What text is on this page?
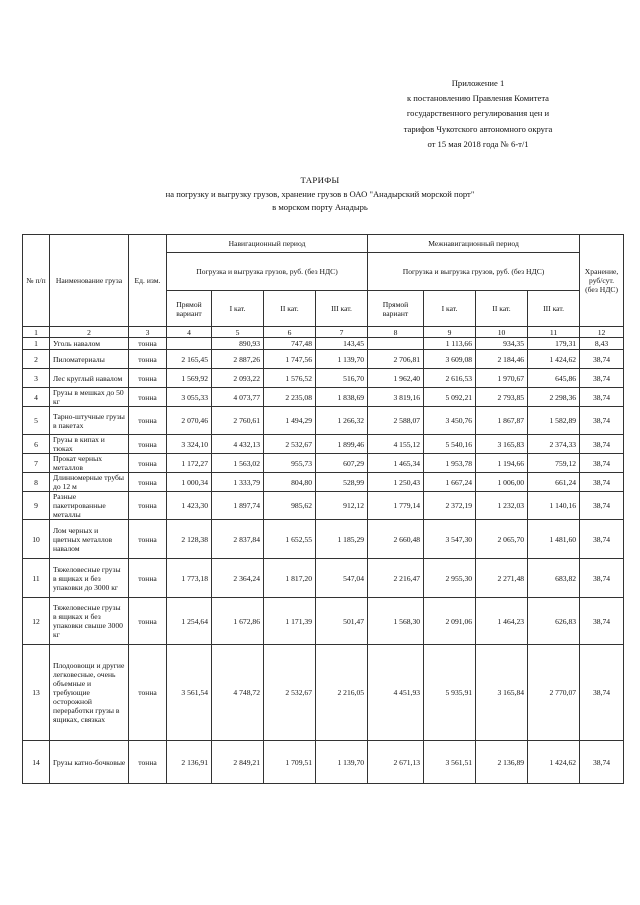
Приложение 1
к постановлению Правления Комитета
государственного регулирования цен и
тарифов Чукотского автономного округа
от 15 мая 2018 года № 6-т/1
ТАРИФЫ
на погрузку и выгрузку грузов, хранение грузов в ОАО "Анадырский морской порт"
в морском порту Анадырь
№ п/п	Наименование груза	Ед. изм.	Навигационный период				Межнавигационный период				Хранение, руб/сут. (без НДС)
			Погрузка и выгрузка грузов, руб. (без НДС)				Погрузка и выгрузка грузов, руб. (без НДС)				
			Прямой вариант	I кат.	II кат.	III кат.	Прямой вариант	I кат.	II кат.	III кат.	
1	2	3	4	5	6	7	8	9	10	11	12
1	Уголь навалом	тонна		890,93	747,48	143,45		1 113,66	934,35	179,31	8,43
2	Пиломатериалы	тонна	2 165,45	2 887,26	1 747,56	1 139,70	2 706,81	3 609,08	2 184,46	1 424,62	38,74
3	Лес круглый навалом	тонна	1 569,92	2 093,22	1 576,52	516,70	1 962,40	2 616,53	1 970,67	645,86	38,74
4	Грузы в мешках до 50 кг	тонна	3 055,33	4 073,77	2 235,08	1 838,69	3 819,16	5 092,21	2 793,85	2 298,36	38,74
5	Тарно-штучные грузы в пакетах	тонна	2 070,46	2 760,61	1 494,29	1 266,32	2 588,07	3 450,76	1 867,87	1 582,89	38,74
6	Грузы в кипах и тюках	тонна	3 324,10	4 432,13	2 532,67	1 899,46	4 155,12	5 540,16	3 165,83	2 374,33	38,74
7	Прокат черных металлов	тонна	1 172,27	1 563,02	955,73	607,29	1 465,34	1 953,78	1 194,66	759,12	38,74
8	Длинномерные трубы до 12 м	тонна	1 000,34	1 333,79	804,80	528,99	1 250,43	1 667,24	1 006,00	661,24	38,74
9	Разные пакетированные металлы	тонна	1 423,30	1 897,74	985,62	912,12	1 779,14	2 372,19	1 232,03	1 140,16	38,74
10	Лом черных и цветных металлов навалом	тонна	2 128,38	2 837,84	1 652,55	1 185,29	2 660,48	3 547,30	2 065,70	1 481,60	38,74
11	Тяжеловесные грузы в ящиках и без упаковки до 3000 кг	тонна	1 773,18	2 364,24	1 817,20	547,04	2 216,47	2 955,30	2 271,48	683,82	38,74
12	Тяжеловесные грузы в ящиках и без упаковки свыше 3000 кг	тонна	1 254,64	1 672,86	1 171,39	501,47	1 568,30	2 091,06	1 464,23	626,83	38,74
13	Плодоовощи и другие легковесные, очень объемные и требующие осторожной переработки грузы в ящиках, связках	тонна	3 561,54	4 748,72	2 532,67	2 216,05	4 451,93	5 935,91	3 165,84	2 770,07	38,74
14	Грузы катно-бочковые	тонна	2 136,91	2 849,21	1 709,51	1 139,70	2 671,13	3 561,51	2 136,89	1 424,62	38,74
